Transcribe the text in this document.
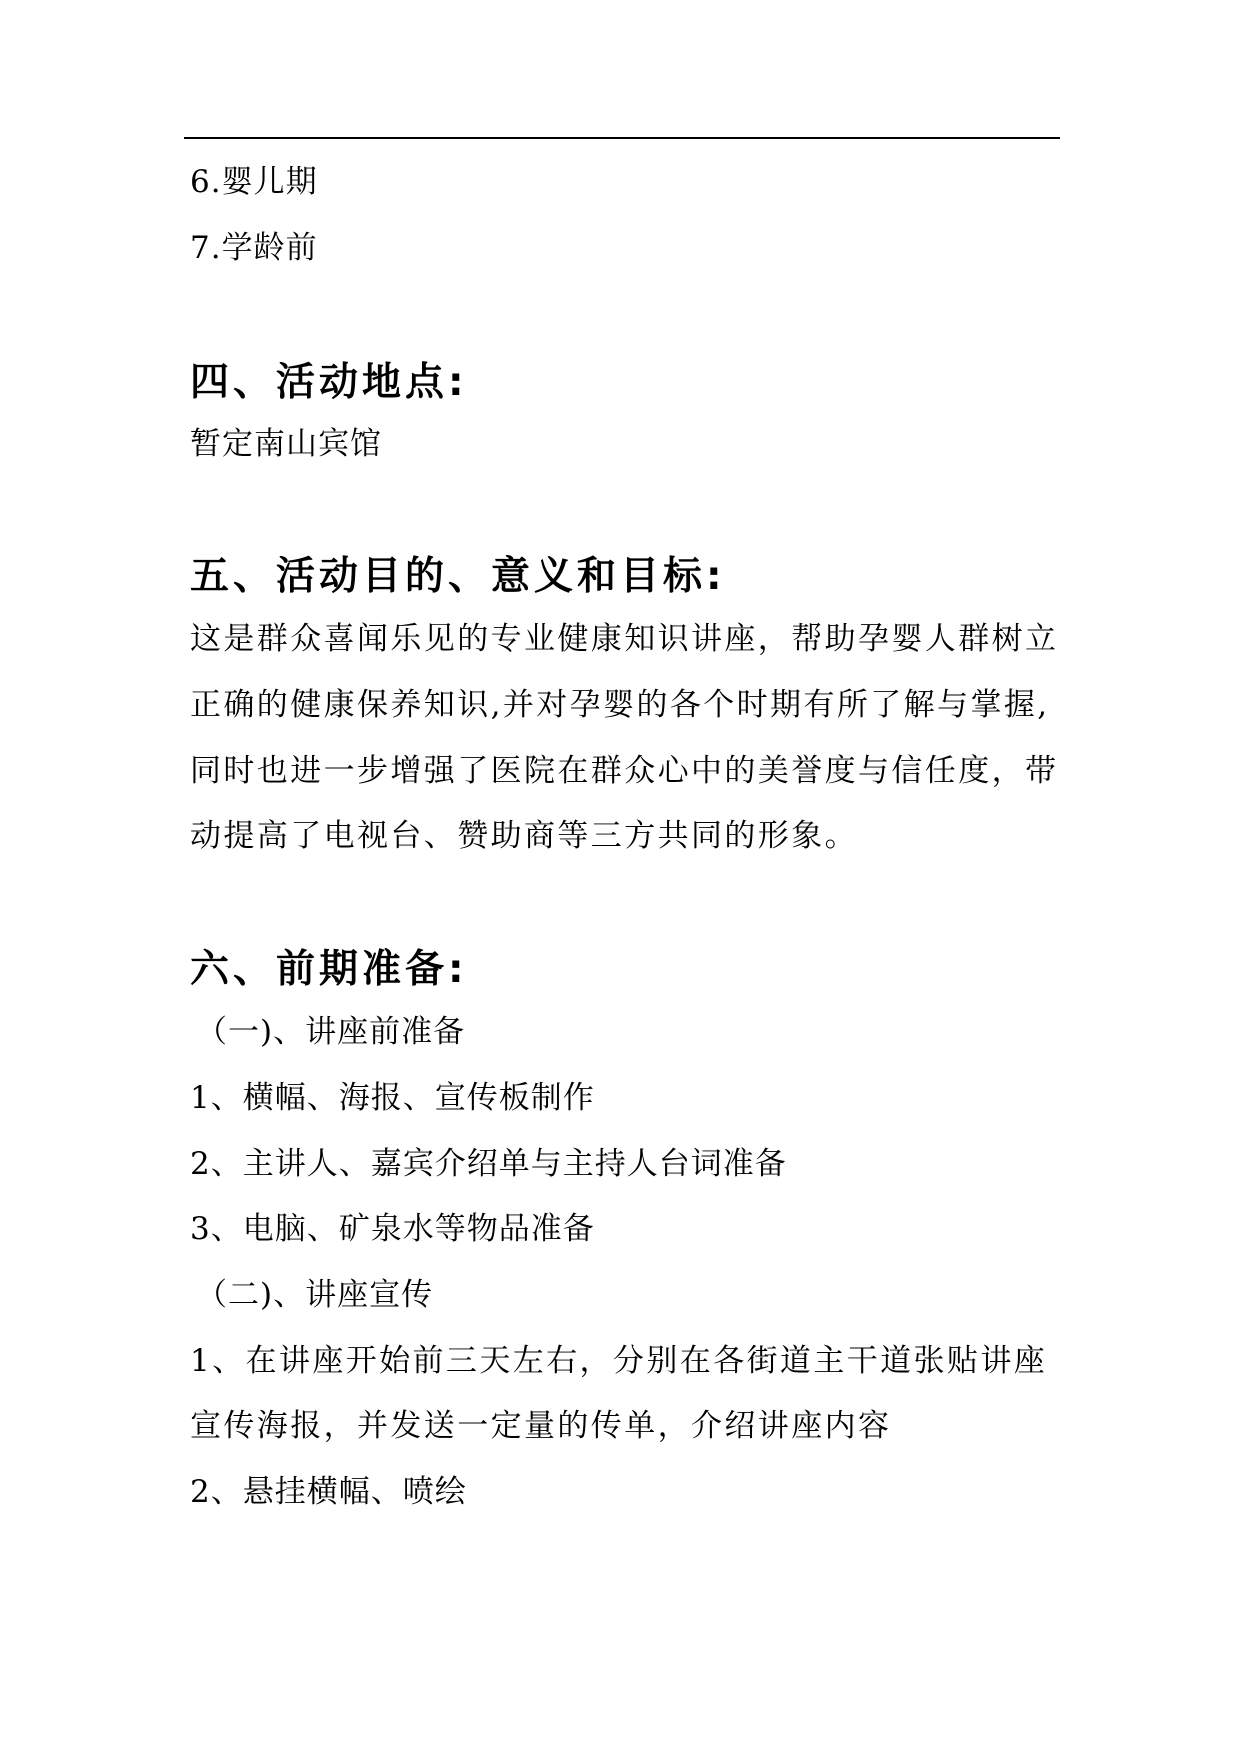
6.婴儿期
7.学龄前
四、活动地点:
暂定南山宾馆
五、活动目的、意义和目标:
这是群众喜闻乐见的专业健康知识讲座，帮助孕婴人群树立
正确的健康保养知识,并对孕婴的各个时期有所了解与掌握,
同时也进一步增强了医院在群众心中的美誉度与信任度，带
动提高了电视台、赞助商等三方共同的形象。
六、前期准备:
（一)、讲座前准备
1、横幅、海报、宣传板制作
2、主讲人、嘉宾介绍单与主持人台词准备
3、电脑、矿泉水等物品准备
（二)、讲座宣传
1、在讲座开始前三天左右，分别在各街道主干道张贴讲座
宣传海报，并发送一定量的传单，介绍讲座内容
2、悬挂横幅、喷绘
